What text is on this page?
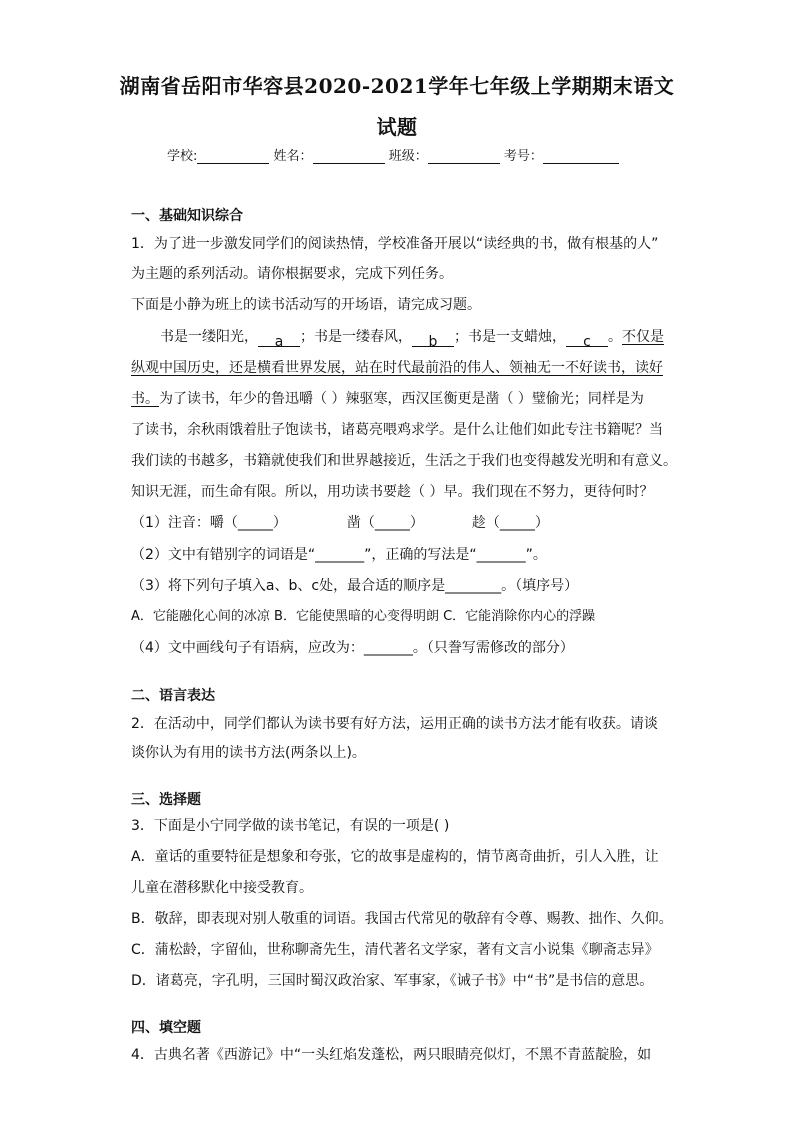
湖南省岳阳市华容县2020-2021学年七年级上学期期末语文
试题
学校:	姓名：	班级：	考号：
一、基础知识综合
1．为了进一步激发同学们的阅读热情，学校准备开展以“读经典的书，做有根基的人”
为主题的系列活动。请你根据要求，完成下列任务。
下面是小静为班上的读书活动写的开场语，请完成习题。
书是一缕阳光， a ；书是一缕春风， b ；书是一支蜡烛， c 。不仅是
纵观中国历史，还是横看世界发展，站在时代最前沿的伟人、领袖无一不好读书，读好
书。为了读书，年少的鲁迅嚼（ ）辣驱寒，西汉匡衡更是凿（ ）璧偷光；同样是为
了读书，余秋雨饿着肚子饱读书，诸葛亮喂鸡求学。是什么让他们如此专注书籍呢？当
我们读的书越多，书籍就使我们和世界越接近，生活之于我们也变得越发光明和有意义。
知识无涯，而生命有限。所以，用功读书要趁（ ）早。我们现在不努力，更待何时？
（1）注音：嚼（_____）	凿（_____）	趁（_____）
（2）文中有错别字的词语是“_______”，正确的写法是“_______”。
（3）将下列句子填入a、b、c处，最合适的顺序是________。（填序号）
A．它能融化心间的冰凉 B．它能使黑暗的心变得明朗 C．它能消除你内心的浮躁
（4）文中画线句子有语病，应改为：_______。（只誊写需修改的部分）
二、语言表达
2．在活动中，同学们都认为读书要有好方法，运用正确的读书方法才能有收获。请谈
谈你认为有用的读书方法(两条以上)。
三、选择题
3．下面是小宁同学做的读书笔记，有误的一项是( )
A．童话的重要特征是想象和夸张，它的故事是虚构的，情节离奇曲折，引人入胜，让
儿童在潜移默化中接受教育。
B．敬辞，即表现对别人敬重的词语。我国古代常见的敬辞有令尊、赐教、拙作、久仰。
C．蒲松龄，字留仙，世称聊斋先生，清代著名文学家，著有文言小说集《聊斋志异》
D．诸葛亮，字孔明，三国时蜀汉政治家、军事家，《诫子书》中“书”是书信的意思。
四、填空题
4．古典名著《西游记》中“一头红焰发蓬松，两只眼睛亮似灯，不黑不青蓝靛脸，如
